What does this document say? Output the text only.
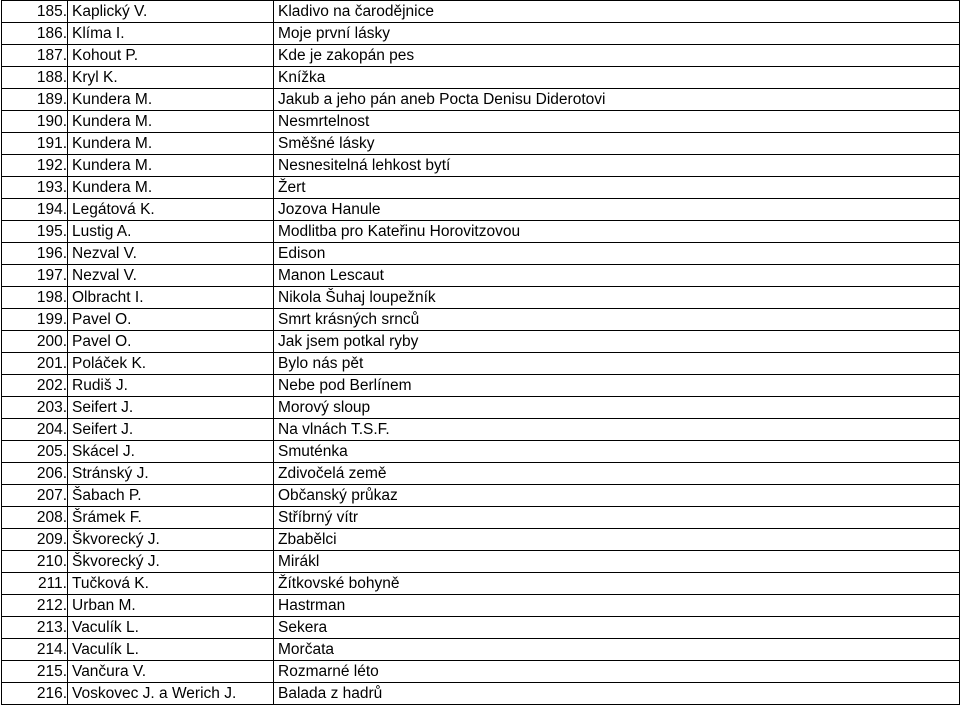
185.	Kaplický V.	Kladivo na čarodějnice
186.	Klíma I.	Moje první lásky
187.	Kohout P.	Kde je zakopán pes
188.	Kryl K.	Knížka
189.	Kundera M.	Jakub a jeho pán aneb Pocta Denisu Diderotovi
190.	Kundera M.	Nesmrtelnost
191.	Kundera M.	Směšné lásky
192.	Kundera M.	Nesnesitelná lehkost bytí
193.	Kundera M.	Žert
194.	Legátová K.	Jozova Hanule
195.	Lustig A.	Modlitba pro Kateřinu Horovitzovou
196.	Nezval V.	Edison
197.	Nezval V.	Manon Lescaut
198.	Olbracht I.	Nikola Šuhaj loupežník
199.	Pavel O.	Smrt krásných srnců
200.	Pavel O.	Jak jsem potkal ryby
201.	Poláček K.	Bylo nás pět
202.	Rudiš J.	Nebe pod Berlínem
203.	Seifert J.	Morový sloup
204.	Seifert J.	Na vlnách T.S.F.
205.	Skácel J.	Smuténka
206.	Stránský J.	Zdivočelá země
207.	Šabach P.	Občanský průkaz
208.	Šrámek F.	Stříbrný vítr
209.	Škvorecký J.	Zbabělci
210.	Škvorecký J.	Mirákl
211.	Tučková K.	Žítkovské bohyně
212.	Urban M.	Hastrman
213.	Vaculík L.	Sekera
214.	Vaculík L.	Morčata
215.	Vančura V.	Rozmarné léto
216.	Voskovec J. a Werich J.	Balada z hadrů
